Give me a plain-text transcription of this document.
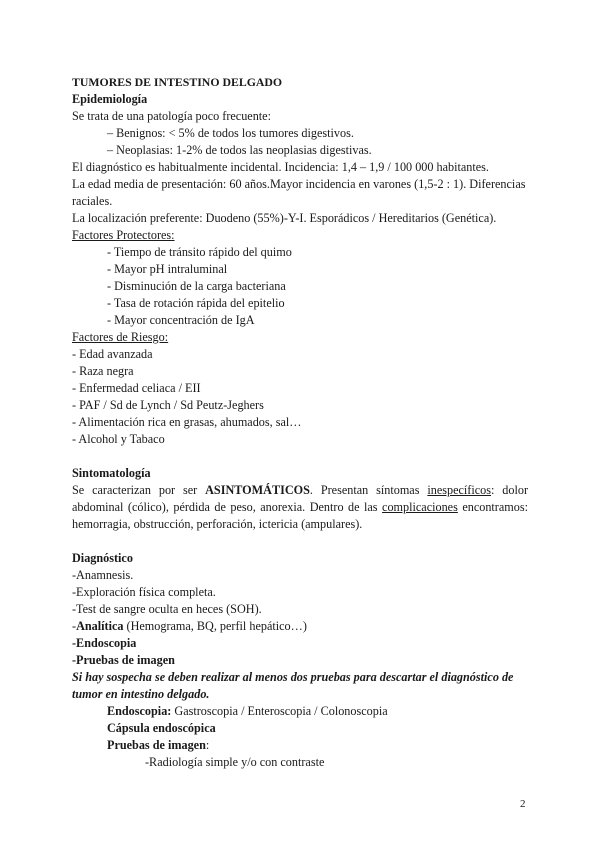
TUMORES DE INTESTINO DELGADO
Epidemiología
Se trata de una patología poco frecuente:
– Benignos: < 5% de todos los tumores digestivos.
– Neoplasias: 1-2% de todos las neoplasias digestivas.
El diagnóstico es habitualmente incidental. Incidencia: 1,4 – 1,9 / 100 000 habitantes.
La edad media de presentación: 60 años.Mayor incidencia en varones (1,5-2 : 1). Diferencias
raciales.
La localización preferente: Duodeno (55%)-Y-I. Esporádicos / Hereditarios (Genética).
Factores Protectores:
- Tiempo de tránsito rápido del quimo
- Mayor pH intraluminal
- Disminución de la carga bacteriana
- Tasa de rotación rápida del epitelio
- Mayor concentración de IgA
Factores de Riesgo:
- Edad avanzada
- Raza negra
- Enfermedad celiaca / EII
- PAF / Sd de Lynch / Sd Peutz-Jeghers
- Alimentación rica en grasas, ahumados, sal…
- Alcohol y Tabaco
Sintomatología
Se caracterizan por ser ASINTOMÁTICOS. Presentan síntomas inespecíficos: dolor
abdominal (cólico), pérdida de peso, anorexia. Dentro de las complicaciones encontramos:
hemorragia, obstrucción, perforación, ictericia (ampulares).
Diagnóstico
-Anamnesis.
-Exploración física completa.
-Test de sangre oculta en heces (SOH).
-Analítica (Hemograma, BQ, perfil hepático…)
-Endoscopia
-Pruebas de imagen
Si hay sospecha se deben realizar al menos dos pruebas para descartar el diagnóstico de
tumor en intestino delgado.
Endoscopia: Gastroscopia / Enteroscopia / Colonoscopia
Cápsula endoscópica
Pruebas de imagen:
-Radiología simple y/o con contraste
2
